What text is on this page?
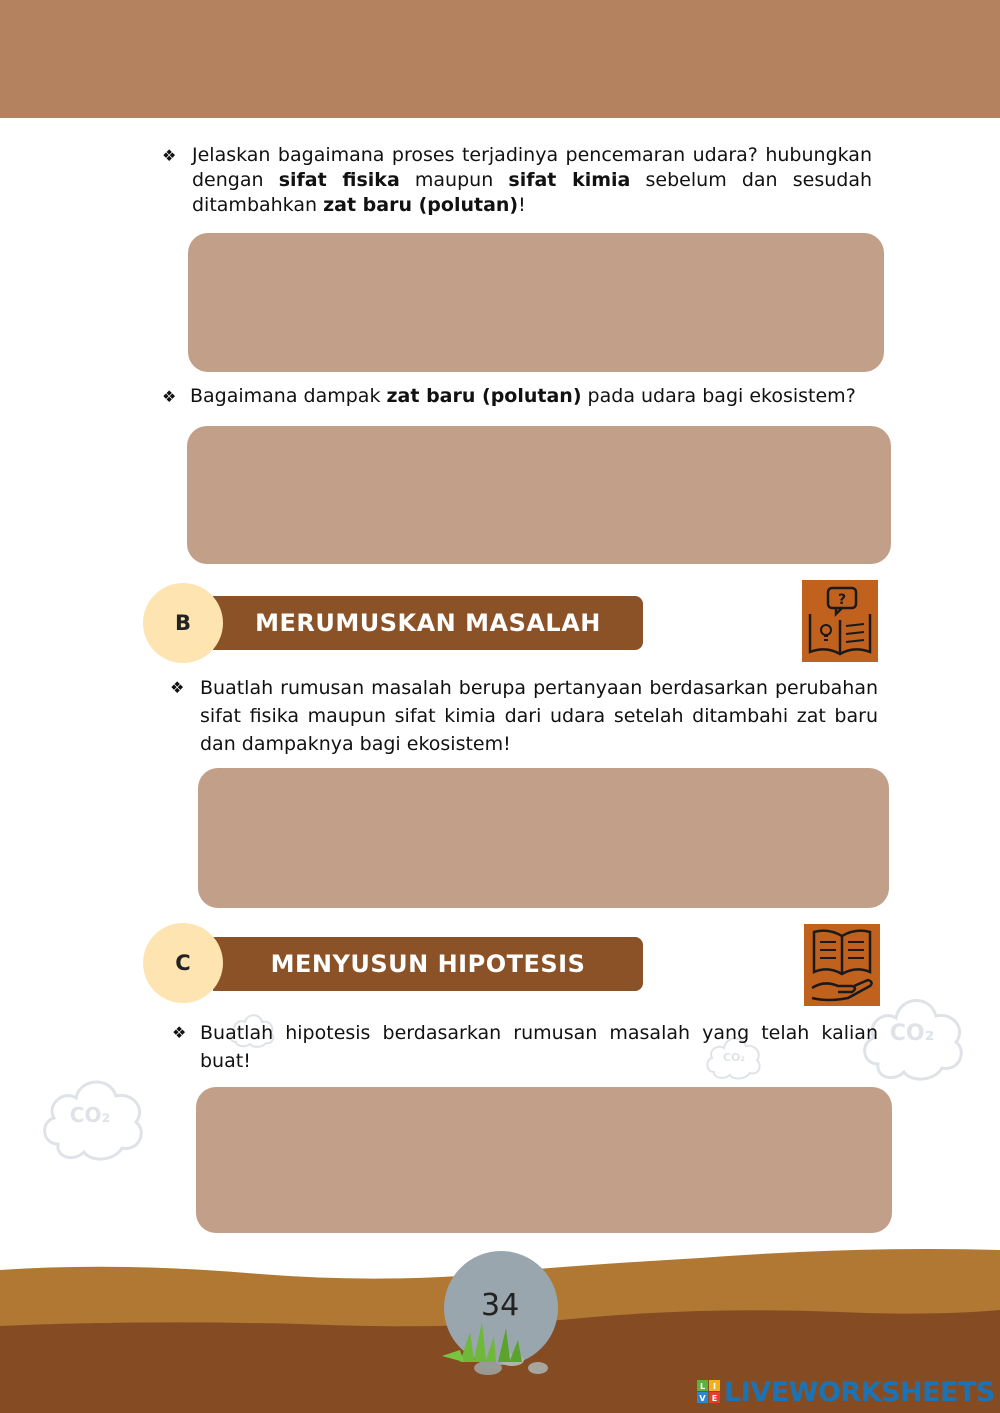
CO₂
CO₂
CO₂
❖ Jelaskan bagaimana proses terjadinya pencemaran udara? hubungkan dengan sifat fisika maupun sifat kimia sebelum dan sesudah ditambahkan zat baru (polutan)!
❖ Bagaimana dampak zat baru (polutan) pada udara bagi ekosistem?
B	MERUMUSKAN MASALAH
?
❖ Buatlah rumusan masalah berupa pertanyaan berdasarkan perubahan sifat fisika maupun sifat kimia dari udara setelah ditambahi zat baru dan dampaknya bagi ekosistem!
C	MENYUSUN HIPOTESIS
❖ Buatlah hipotesis berdasarkan rumusan masalah yang telah kalian buat!
34
L I
V E LIVEWORKSHEETS
